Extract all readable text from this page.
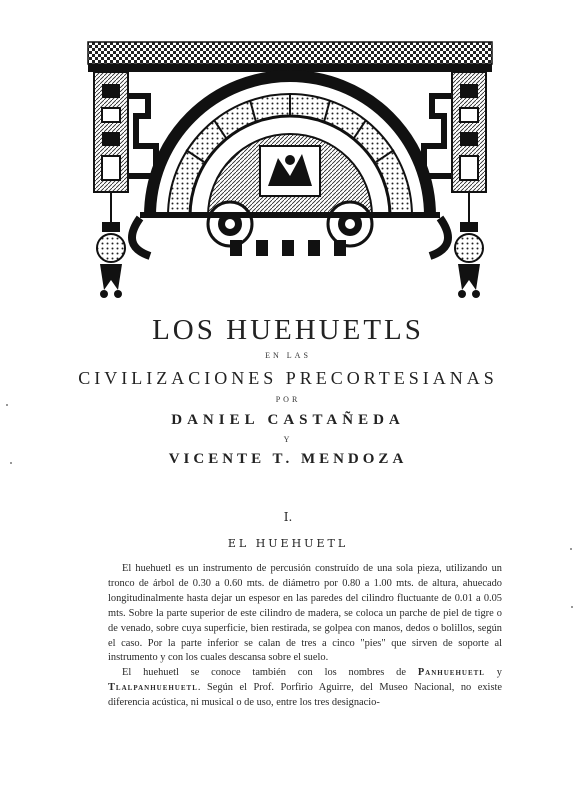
LOS HUEHUETLS

EN LAS

CIVILIZACIONES PRECORTESIANAS

POR

DANIEL CASTAÑEDA

Y

VICENTE T. MENDOZA

I.

EL HUEHUETL

El huehuetl es un instrumento de percusión construído de una sola pieza, utilizando un tronco de árbol de 0.30 a 0.60 mts. de diámetro por 0.80 a 1.00 mts. de altura, ahuecado longitudinalmente hasta dejar un espesor en las paredes del cilindro fluctuante de 0.01 a 0.05 mts. Sobre la parte superior de este cilindro de madera, se coloca un parche de piel de tigre o de venado, sobre cuya superficie, bien restirada, se golpea con manos, dedos o bolillos, según el caso. Por la parte inferior se calan de tres a cinco "pies" que sirven de soporte al instrumento y con los cuales descansa sobre el suelo.

El huehuetl se conoce también con los nombres de Panhuehuetl y Tlalpanhuehuetl. Según el Prof. Porfirio Aguirre, del Museo Nacional, no existe diferencia acústica, ni musical o de uso, entre los tres designacio-
